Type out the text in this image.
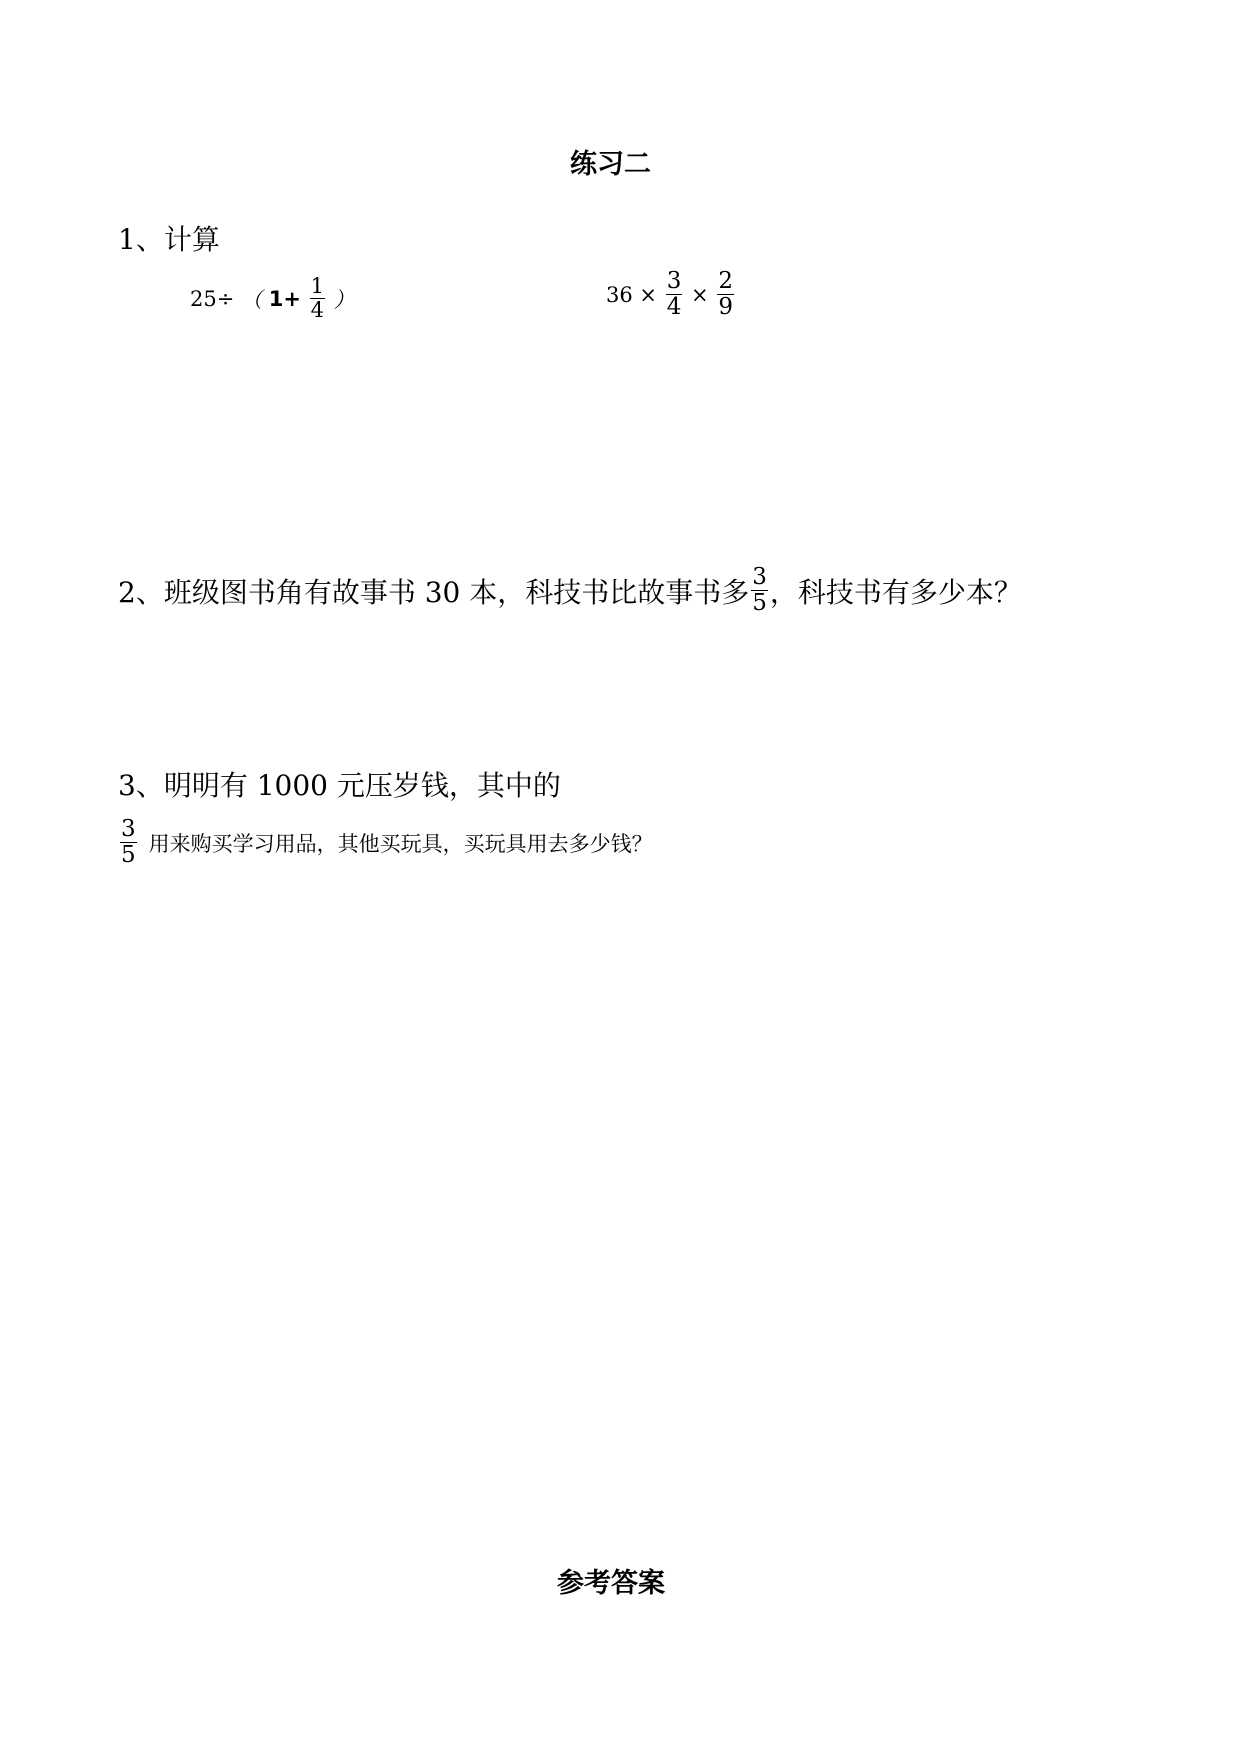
练习二
1、计算
25÷ （ $1+ \frac{1}{4}$ ）	$36 \times \frac{3}{4} \times \frac{2}{9}$
2、班级图书角有故事书 30 本，科技书比故事书多 $\frac{3}{5}$ ，科技书有多少本？
3、明明有 1000 元压岁钱，其中的
$\frac{3}{5}$ 用来购买学习用品，其他买玩具，买玩具用去多少钱？
参考答案
